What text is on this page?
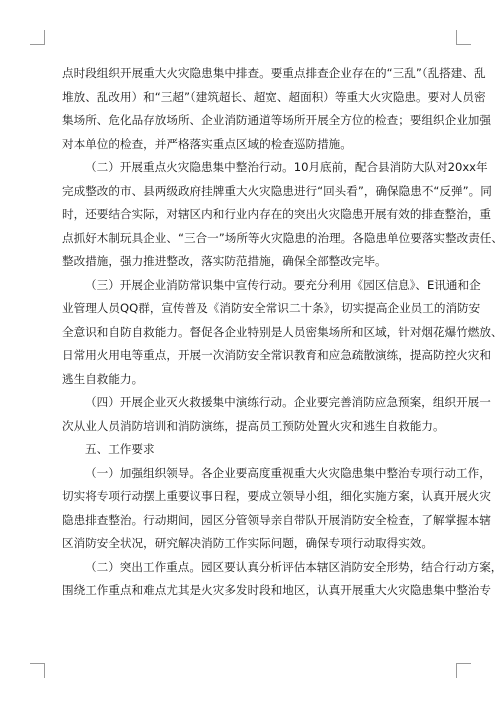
点时段组织开展重大火灾隐患集中排查。要重点排查企业存在的“三乱”（乱搭建、乱
堆放、乱改用）和“三超”（建筑超长、超宽、超面积）等重大火灾隐患。要对人员密
集场所、危化品存放场所、企业消防通道等场所开展全方位的检查；要组织企业加强
对本单位的检查，并严格落实重点区域的检查巡防措施。
（二）开展重点火灾隐患集中整治行动。10月底前，配合县消防大队对20xx年
完成整改的市、县两级政府挂牌重大火灾隐患进行“回头看”，确保隐患不“反弹”。同
时，还要结合实际，对辖区内和行业内存在的突出火灾隐患开展有效的排查整治，重
点抓好木制玩具企业、“三合一”场所等火灾隐患的治理。各隐患单位要落实整改责任、
整改措施，强力推进整改，落实防范措施，确保全部整改完毕。
（三）开展企业消防常识集中宣传行动。要充分利用《园区信息》、E讯通和企
业管理人员QQ群，宣传普及《消防安全常识二十条》，切实提高企业员工的消防安
全意识和自防自救能力。督促各企业特别是人员密集场所和区域，针对烟花爆竹燃放、
日常用火用电等重点，开展一次消防安全常识教育和应急疏散演练，提高防控火灾和
逃生自救能力。
（四）开展企业灭火救援集中演练行动。企业要完善消防应急预案，组织开展一
次从业人员消防培训和消防演练，提高员工预防处置火灾和逃生自救能力。
五、工作要求
（一）加强组织领导。各企业要高度重视重大火灾隐患集中整治专项行动工作，
切实将专项行动摆上重要议事日程，要成立领导小组，细化实施方案，认真开展火灾
隐患排查整治。行动期间，园区分管领导亲自带队开展消防安全检查，了解掌握本辖
区消防安全状况，研究解决消防工作实际问题，确保专项行动取得实效。
（二）突出工作重点。园区要认真分析评估本辖区消防安全形势，结合行动方案，
围绕工作重点和难点尤其是火灾多发时段和地区，认真开展重大火灾隐患集中整治专
